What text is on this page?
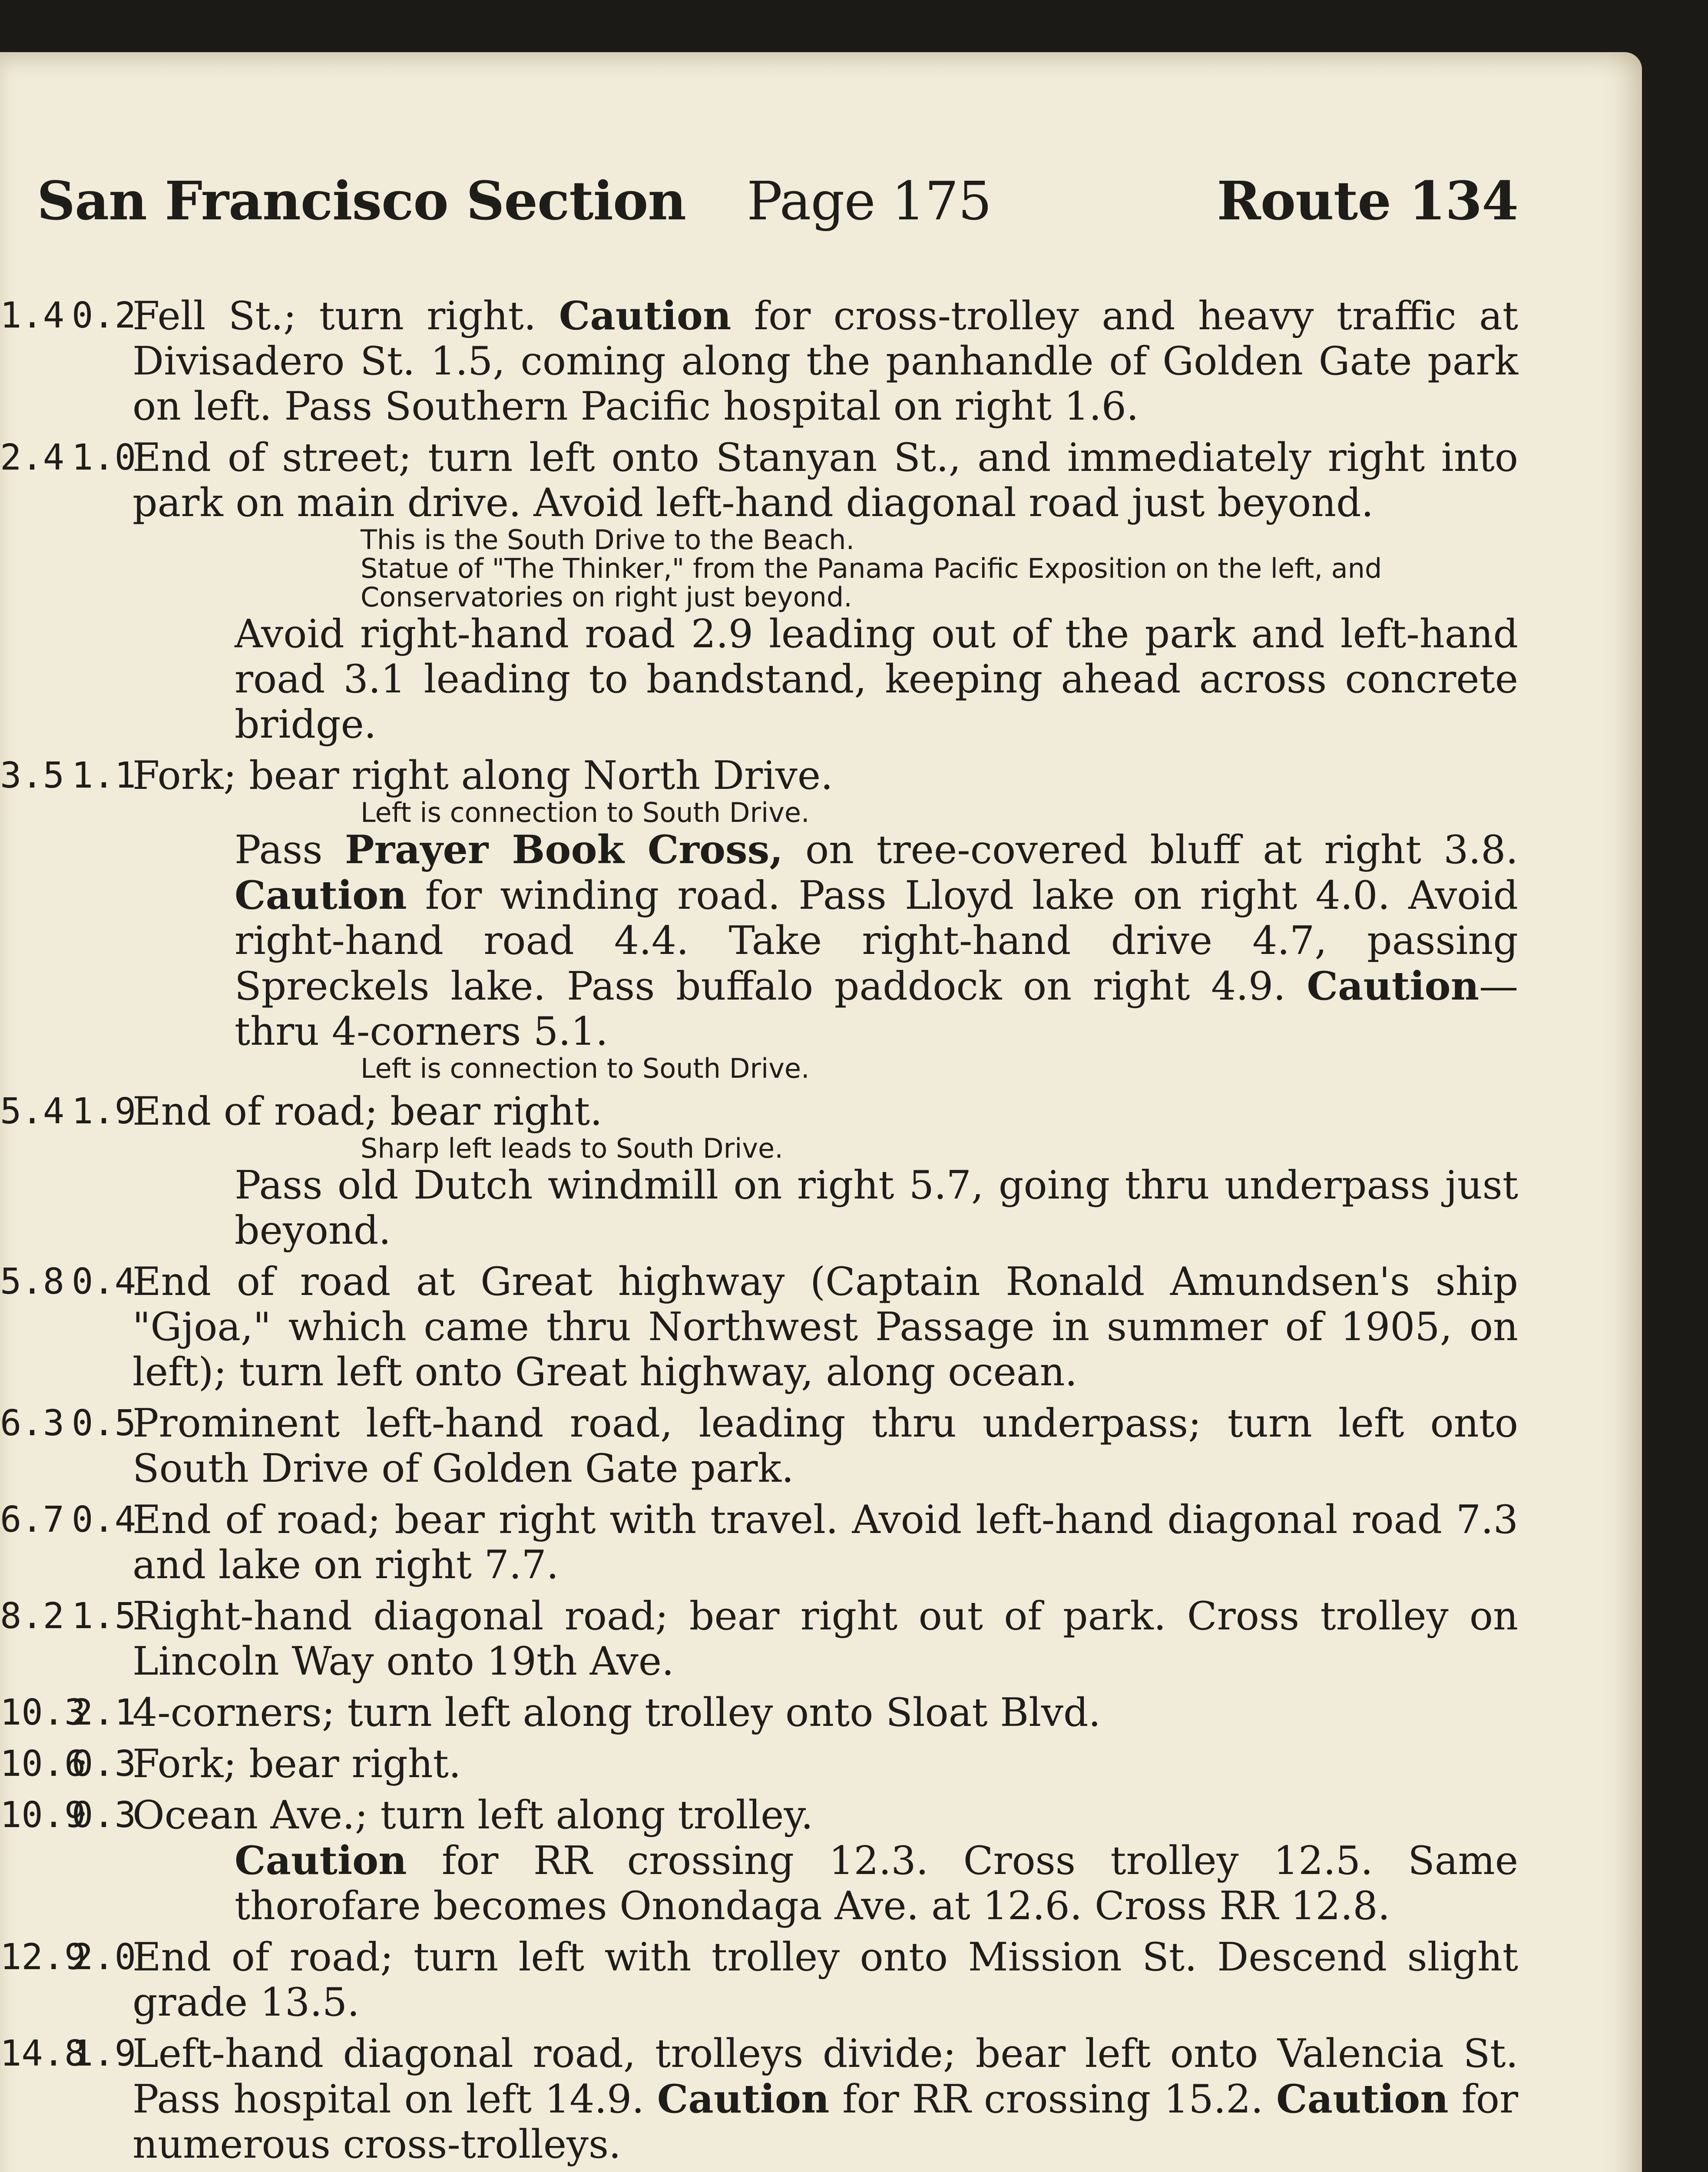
San Francisco Section Page 175	Route 134
1.4 0.2
Fell St.; turn right. Caution for cross-trolley and heavy traffic at Divisadero St. 1.5, coming along the panhandle of Golden Gate park on left. Pass Southern Pacific hospital on right 1.6.
2.4 1.0
End of street; turn left onto Stanyan St., and immediately right into park on main drive. Avoid left-hand diagonal road just beyond.
This is the South Drive to the Beach.
Statue of "The Thinker," from the Panama Pacific Exposition on the left, and Conservatories on right just beyond.
Avoid right-hand road 2.9 leading out of the park and left-hand road 3.1 leading to bandstand, keeping ahead across concrete bridge.
3.5 1.1
Fork; bear right along North Drive.
Left is connection to South Drive.
Pass Prayer Book Cross, on tree-covered bluff at right 3.8. Caution for winding road. Pass Lloyd lake on right 4.0. Avoid right-hand road 4.4. Take right-hand drive 4.7, passing Spreckels lake. Pass buffalo paddock on right 4.9. Caution—thru 4-corners 5.1.
Left is connection to South Drive.
5.4 1.9
End of road; bear right.
Sharp left leads to South Drive.
Pass old Dutch windmill on right 5.7, going thru underpass just beyond.
5.8 0.4
End of road at Great highway (Captain Ronald Amundsen's ship "Gjoa," which came thru Northwest Passage in summer of 1905, on left); turn left onto Great highway, along ocean.
6.3 0.5
Prominent left-hand road, leading thru underpass; turn left onto South Drive of Golden Gate park.
6.7 0.4
End of road; bear right with travel. Avoid left-hand diagonal road 7.3 and lake on right 7.7.
8.2 1.5
Right-hand diagonal road; bear right out of park. Cross trolley on Lincoln Way onto 19th Ave.
10.3
2.1
4-corners; turn left along trolley onto Sloat Blvd.
10.6
0.3
Fork; bear right.
10.9
0.3
Ocean Ave.; turn left along trolley.
Caution for RR crossing 12.3. Cross trolley 12.5. Same thorofare becomes Onondaga Ave. at 12.6. Cross RR 12.8.
12.9
2.0
End of road; turn left with trolley onto Mission St. Descend slight grade 13.5.
14.8
1.9
Left-hand diagonal road, trolleys divide; bear left onto Valencia St. Pass hospital on left 14.9. Caution for RR crossing 15.2. Caution for numerous cross-trolleys.
